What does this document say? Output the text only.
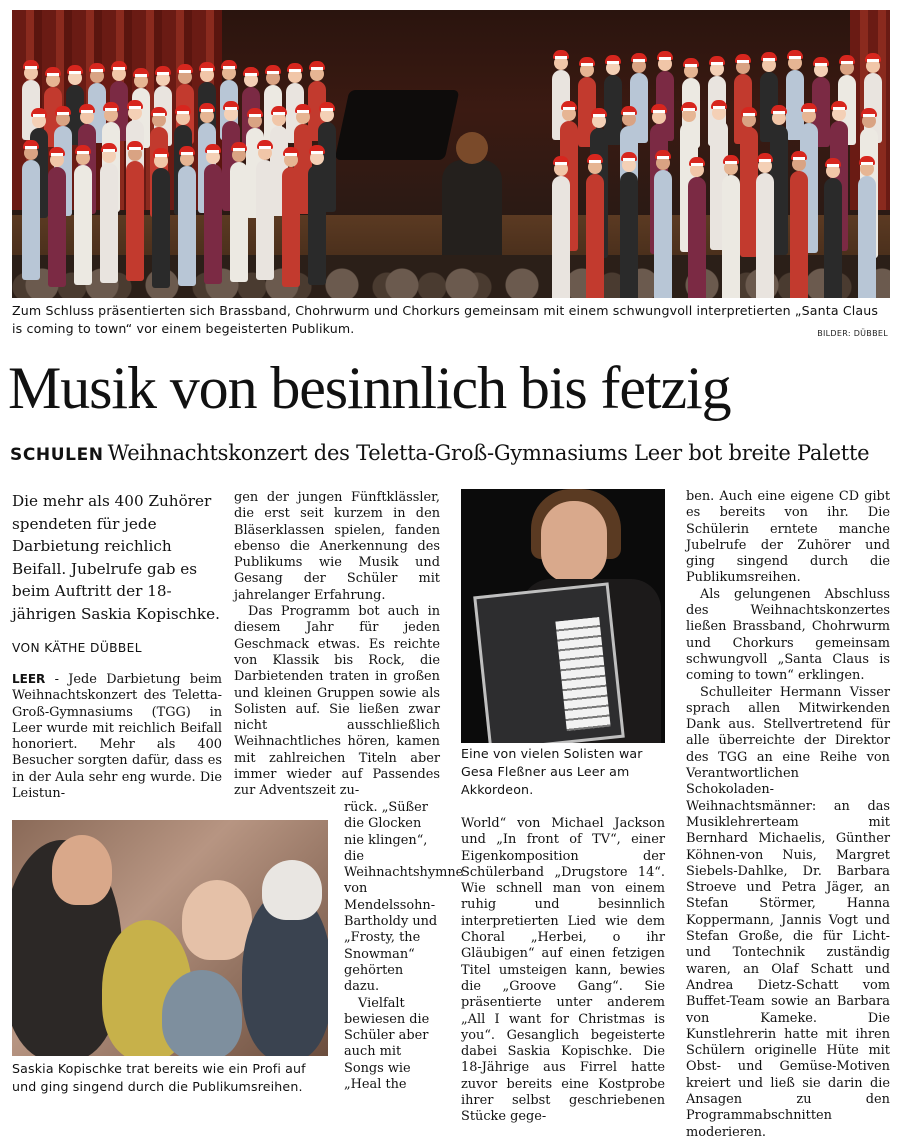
Zum Schluss präsentierten sich Brassband, Chohrwurm und Chorkurs gemeinsam mit einem schwungvoll interpretierten „Santa Claus is coming to town“ vor einem begeisterten Publikum.	BILDER: DÜBBEL
Musik von besinnlich bis fetzig
SCHULEN Weihnachtskonzert des Teletta-Groß-Gymnasiums Leer bot breite Palette
Die mehr als 400 Zuhörer spendeten für jede Darbietung reichlich Beifall. Jubelrufe gab es beim Auftritt der 18-jährigen Saskia Kopischke.
VON KÄTHE DÜBBEL

LEER - Jede Darbietung beim Weihnachtskonzert des Teletta-Groß-Gymnasiums (TGG) in Leer wurde mit reichlich Beifall honoriert. Mehr als 400 Besucher sorgten dafür, dass es in der Aula sehr eng wurde. Die Leistun-

Saskia Kopischke trat bereits wie ein Profi auf und ging singend durch die Publikumsreihen.

gen der jungen Fünftklässler, die erst seit kurzem in den Bläserklassen spielen, fanden ebenso die Anerkennung des Publikums wie Musik und Gesang der Schüler mit jahrelanger Erfahrung.

Das Programm bot auch in diesem Jahr für jeden Geschmack etwas. Es reichte von Klassik bis Rock, die Darbietenden traten in großen und kleinen Gruppen sowie als Solisten auf. Sie ließen zwar nicht ausschließlich Weihnachtliches hören, kamen mit zahlreichen Titeln aber immer wieder auf Passendes zur Adventszeit zu-

rück. „Süßer die Glocken nie klingen“, die Weihnachtshymne von Mendelssohn-Bartholdy und „Frosty, the Snowman“ gehörten dazu.

Vielfalt bewiesen die Schüler aber auch mit Songs wie „Heal the

Eine von vielen Solisten war Gesa Fleßner aus Leer am Akkordeon.

World“ von Michael Jackson und „In front of TV“, einer Eigenkomposition der Schülerband „Drugstore 14“. Wie schnell man von einem ruhig und besinnlich interpretierten Lied wie dem Choral „Herbei, o ihr Gläubigen“ auf einen fetzigen Titel umsteigen kann, bewies die „Groove Gang“. Sie präsentierte unter anderem „All I want for Christmas is you“. Gesanglich begeisterte dabei Saskia Kopischke. Die 18-Jährige aus Firrel hatte zuvor bereits eine Kostprobe ihrer selbst geschriebenen Stücke gege-

ben. Auch eine eigene CD gibt es bereits von ihr. Die Schülerin erntete manche Jubelrufe der Zuhörer und ging singend durch die Publikumsreihen.

Als gelungenen Abschluss des Weihnachtskonzertes ließen Brassband, Chohrwurm und Chorkurs gemeinsam schwungvoll „Santa Claus is coming to town“ erklingen.

Schulleiter Hermann Visser sprach allen Mitwirkenden Dank aus. Stellvertretend für alle überreichte der Direktor des TGG an eine Reihe von Verantwortlichen Schokoladen-Weihnachtsmänner: an das Musiklehrerteam mit Bernhard Michaelis, Günther Köhnen-von Nuis, Margret Siebels-Dahlke, Dr. Barbara Stroeve und Petra Jäger, an Stefan Störmer, Hanna Koppermann, Jannis Vogt und Stefan Große, die für Licht- und Tontechnik zuständig waren, an Olaf Schatt und Andrea Dietz-Schatt vom Buffet-Team sowie an Barbara von Kameke. Die Kunstlehrerin hatte mit ihren Schülern originelle Hüte mit Obst- und Gemüse-Motiven kreiert und ließ sie darin die Ansagen zu den Programmabschnitten moderieren.
